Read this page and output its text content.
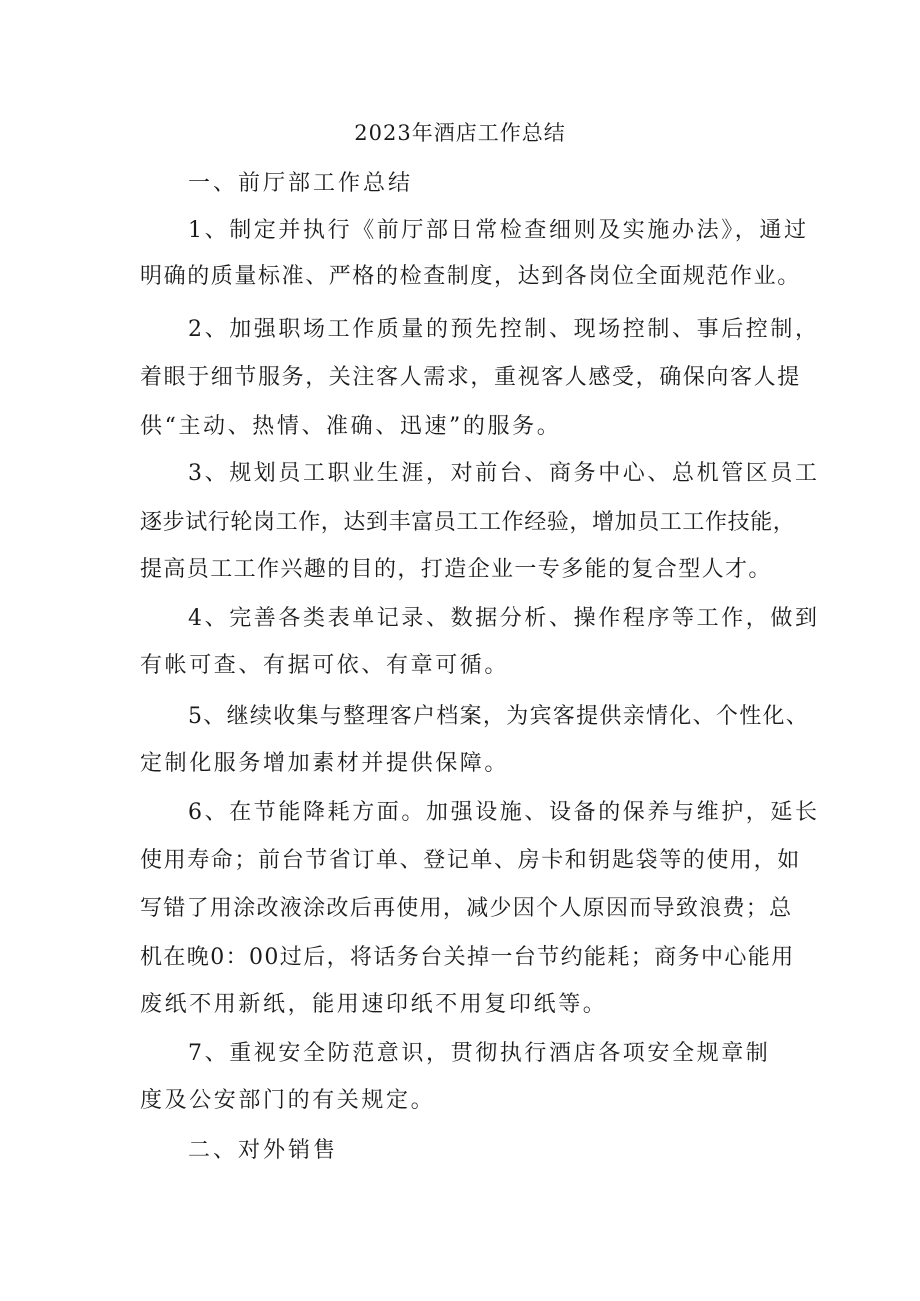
2023年酒店工作总结

一、前厅部工作总结

1、制定并执行《前厅部日常检查细则及实施办法》，通过

明确的质量标准、严格的检查制度，达到各岗位全面规范作业。

2、加强职场工作质量的预先控制、现场控制、事后控制，

着眼于细节服务，关注客人需求，重视客人感受，确保向客人提

供“主动、热情、准确、迅速”的服务。

3、规划员工职业生涯，对前台、商务中心、总机管区员工

逐步试行轮岗工作，达到丰富员工工作经验，增加员工工作技能，

提高员工工作兴趣的目的，打造企业一专多能的复合型人才。

4、完善各类表单记录、数据分析、操作程序等工作，做到

有帐可查、有据可依、有章可循。

5、继续收集与整理客户档案，为宾客提供亲情化、个性化、

定制化服务增加素材并提供保障。

6、在节能降耗方面。加强设施、设备的保养与维护，延长

使用寿命；前台节省订单、登记单、房卡和钥匙袋等的使用，如

写错了用涂改液涂改后再使用，减少因个人原因而导致浪费；总

机在晚0：00过后，将话务台关掉一台节约能耗；商务中心能用

废纸不用新纸，能用速印纸不用复印纸等。

7、重视安全防范意识，贯彻执行酒店各项安全规章制

度及公安部门的有关规定。

二、对外销售
